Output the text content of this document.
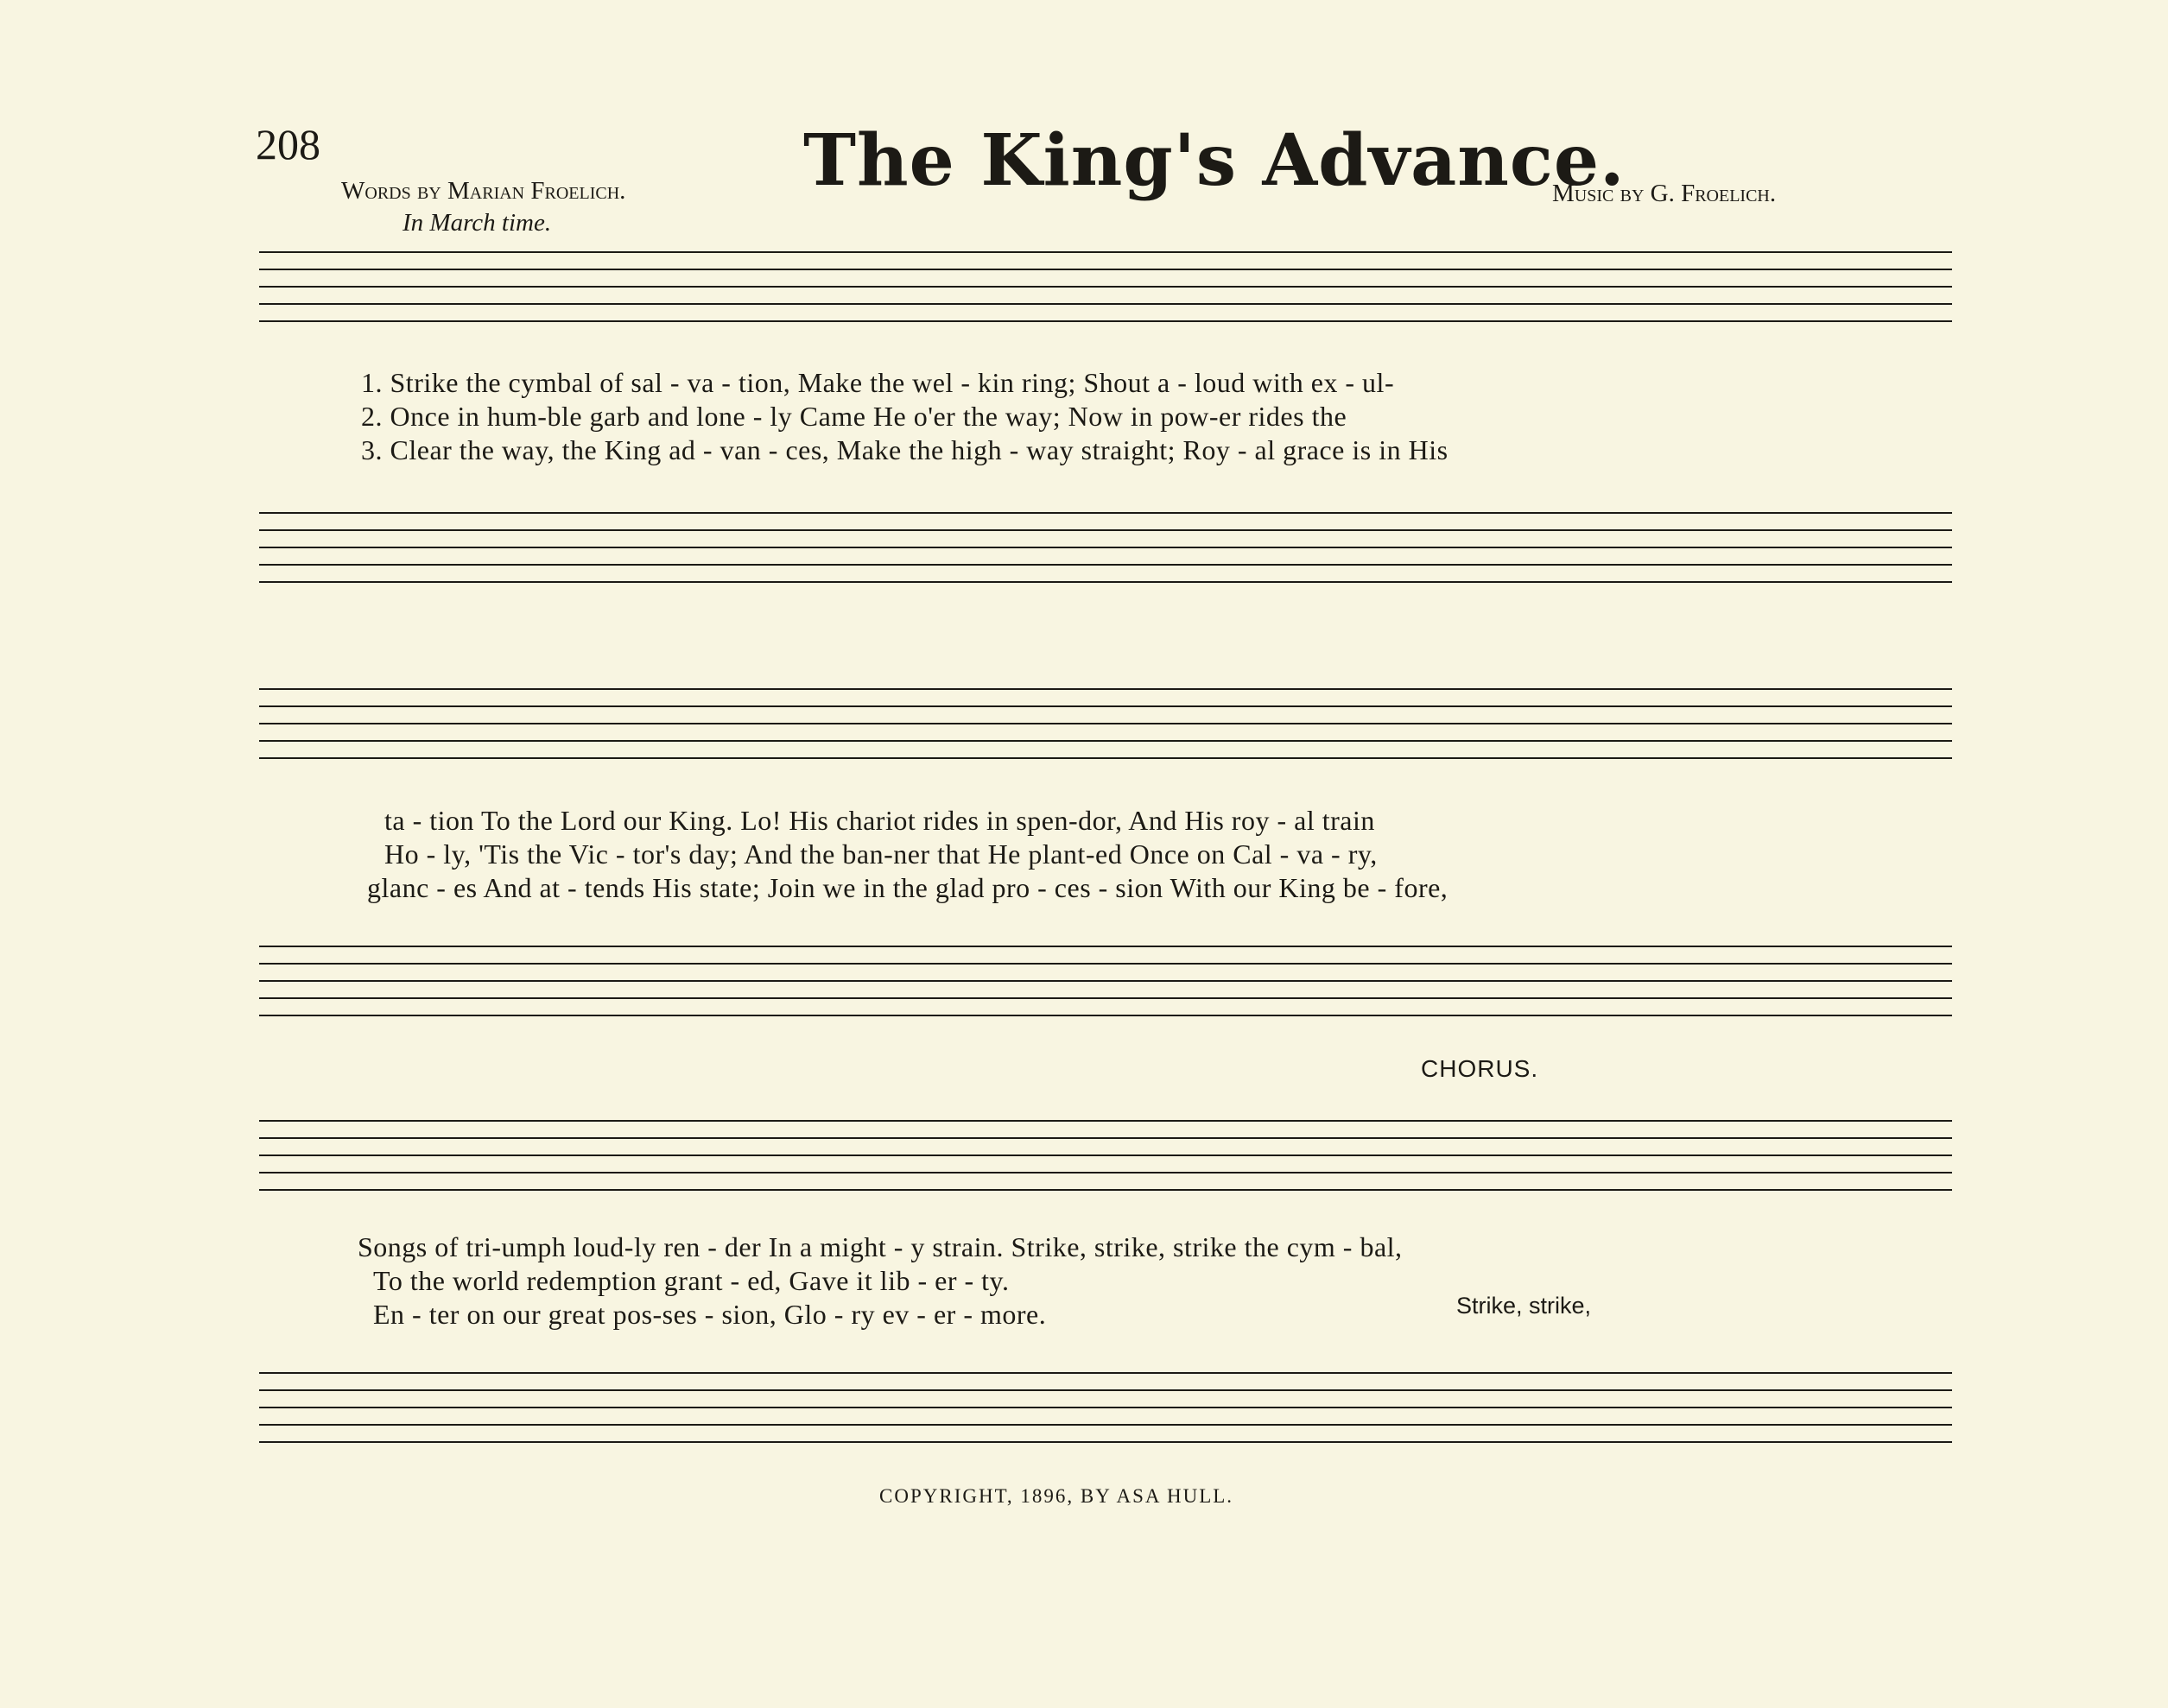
208	The King's Advance.
Words by Marian Froelich.	Music by G. Froelich.
In March time.
1. Strike the cymbal of sal - va - tion, Make the wel - kin ring; Shout a - loud with ex - ul-
2. Once in hum-ble garb and lone - ly Came He o'er the way; Now in pow-er rides the
3. Clear the way, the King ad - van - ces, Make the high - way straight; Roy - al grace is in His
ta - tion To the Lord our King. Lo! His chariot rides in spen-dor, And His roy - al train
Ho - ly, 'Tis the Vic - tor's day; And the ban-ner that He plant-ed Once on Cal - va - ry,
glanc - es And at - tends His state; Join we in the glad pro - ces - sion With our King be - fore,
CHORUS.
Songs of tri-umph loud-ly ren - der In a might - y strain. Strike, strike, strike the cym - bal,
To the world redemption grant - ed, Gave it lib - er - ty.
En - ter on our great pos-ses - sion, Glo - ry ev - er - more.	Strike, strike,
COPYRIGHT, 1896, BY ASA HULL.
